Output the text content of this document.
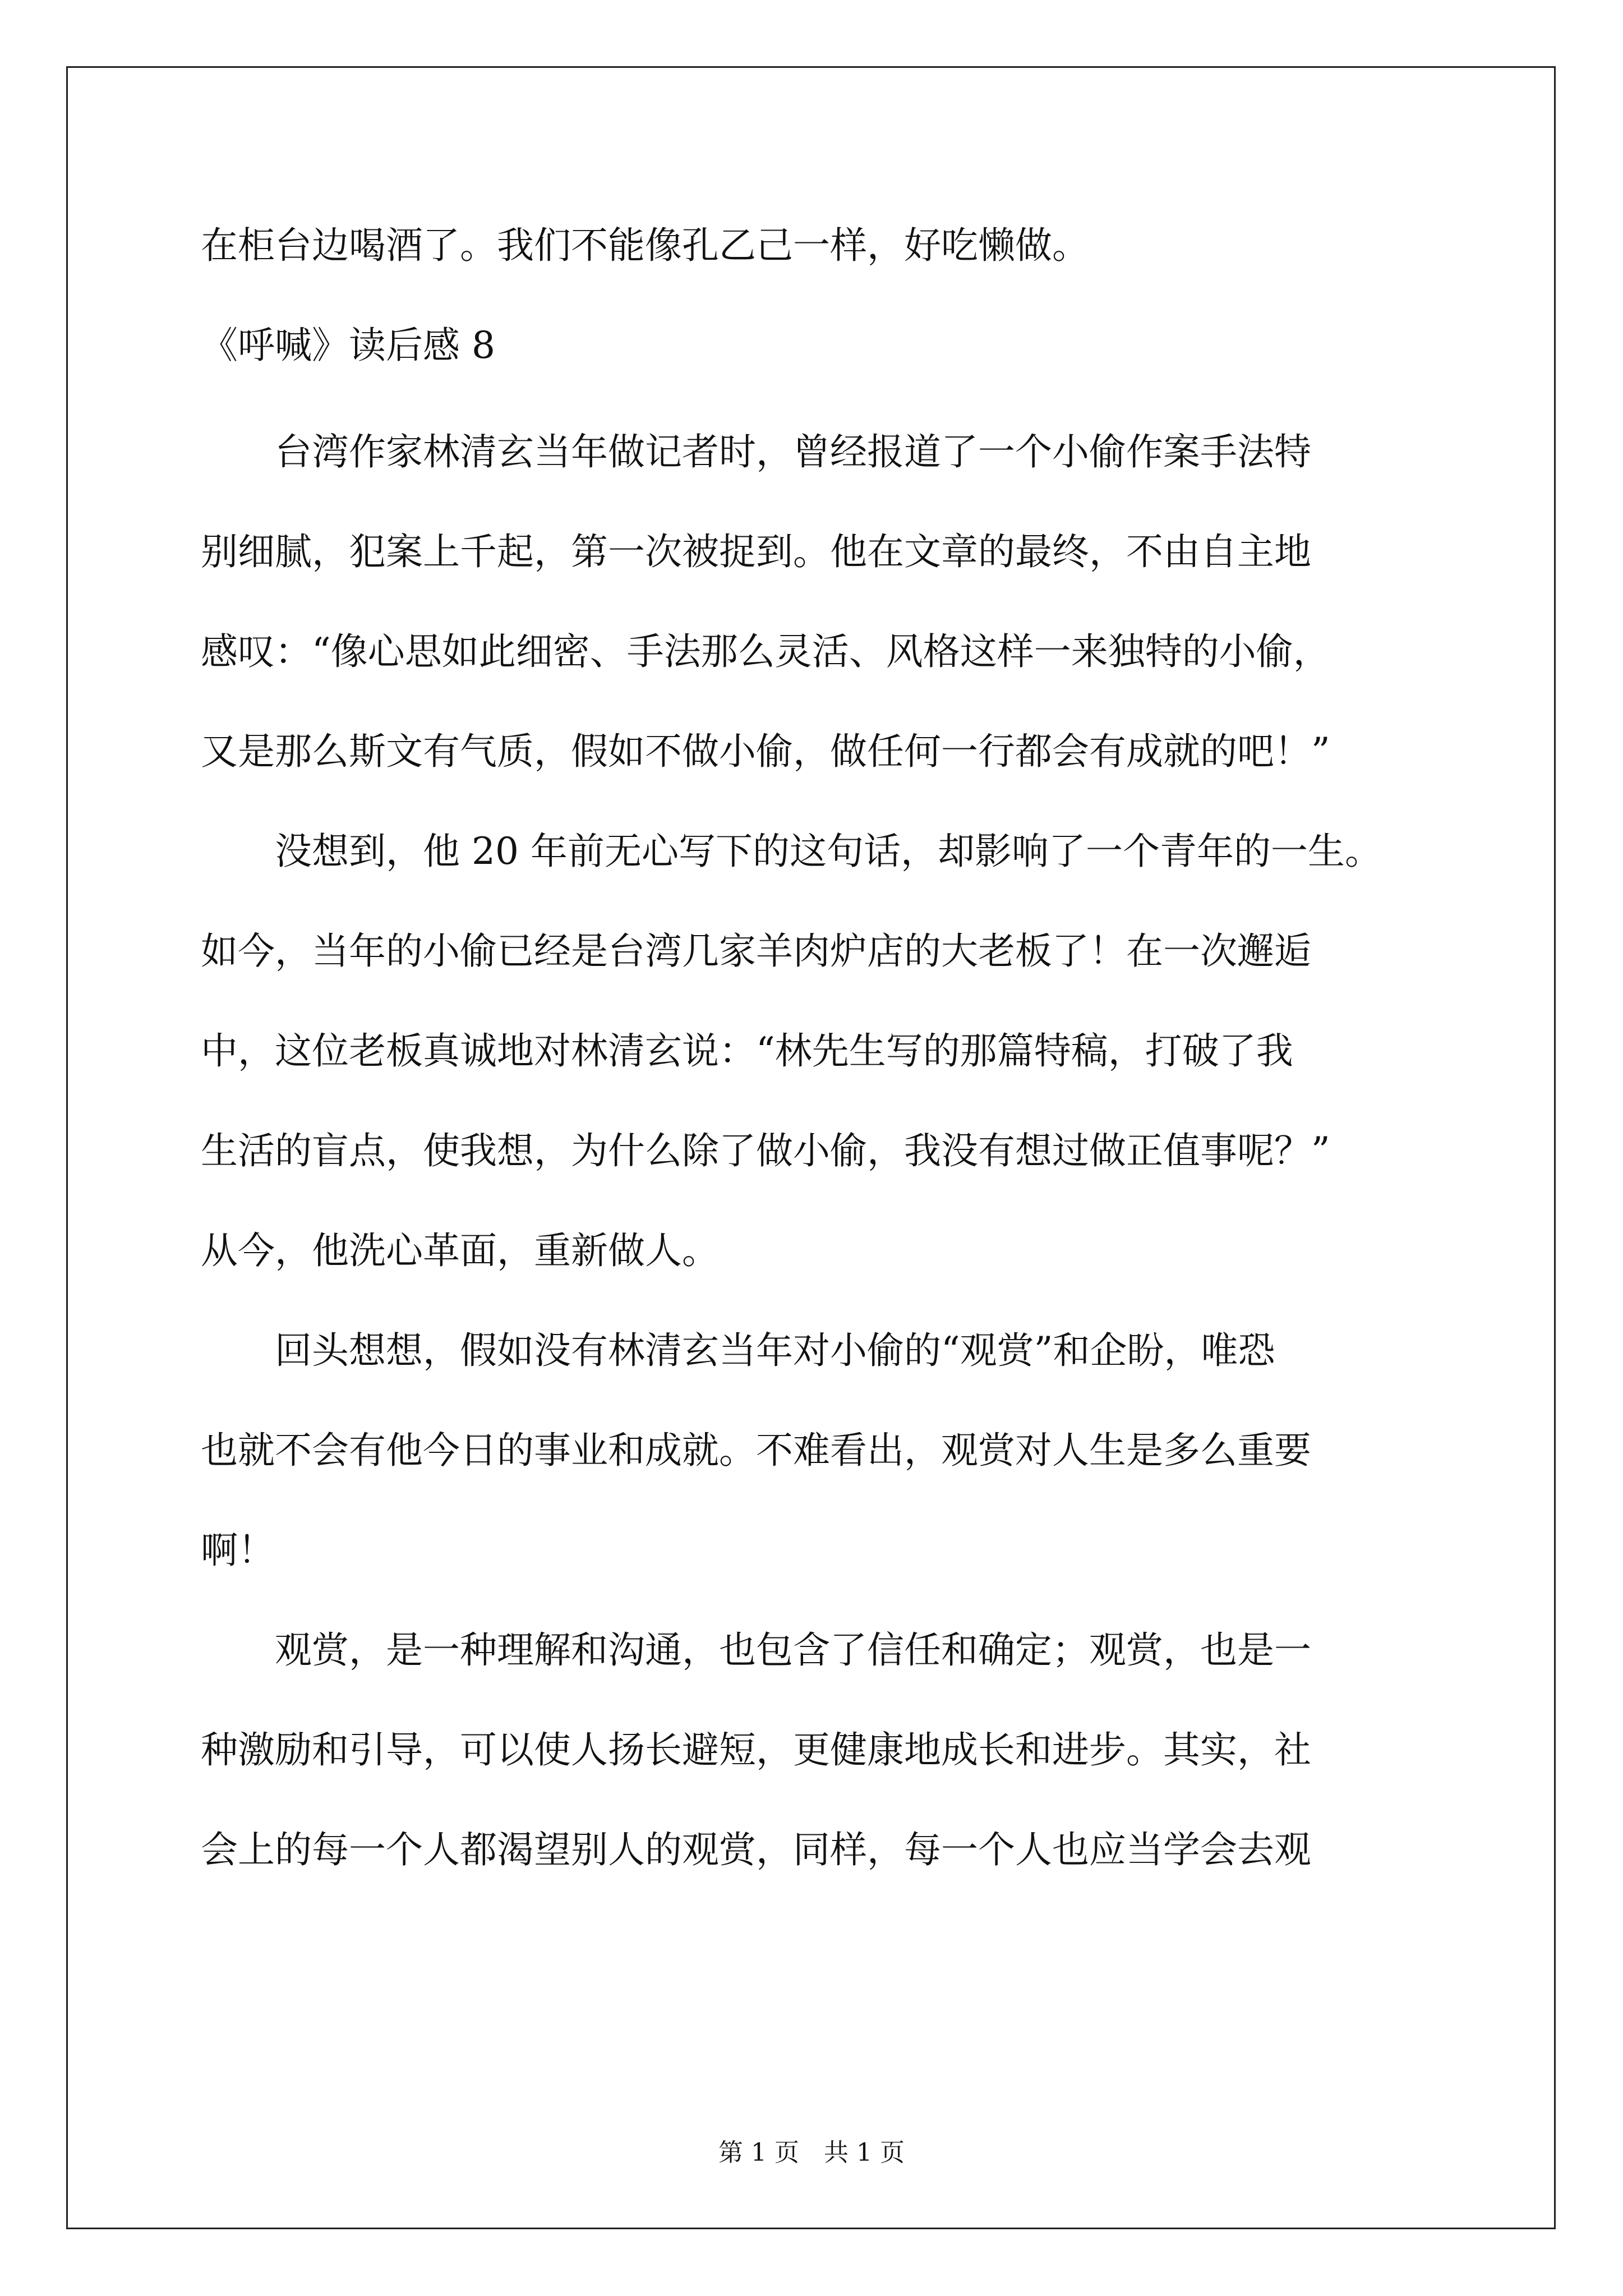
在柜台边喝酒了。我们不能像孔乙己一样，好吃懒做。

《呼喊》读后感 8

　　台湾作家林清玄当年做记者时，曾经报道了一个小偷作案手法特

别细腻，犯案上千起，第一次被捉到。他在文章的最终，不由自主地

感叹：“像心思如此细密、手法那么灵活、风格这样一来独特的小偷，

又是那么斯文有气质，假如不做小偷，做任何一行都会有成就的吧！”

　　没想到，他 20 年前无心写下的这句话，却影响了一个青年的一生。

如今，当年的小偷已经是台湾几家羊肉炉店的大老板了！在一次邂逅

中，这位老板真诚地对林清玄说：“林先生写的那篇特稿，打破了我

生活的盲点，使我想，为什么除了做小偷，我没有想过做正值事呢？”

从今，他洗心革面，重新做人。

　　回头想想，假如没有林清玄当年对小偷的“观赏”和企盼，唯恐

也就不会有他今日的事业和成就。不难看出，观赏对人生是多么重要

啊！

　　观赏，是一种理解和沟通，也包含了信任和确定；观赏，也是一

种激励和引导，可以使人扬长避短，更健康地成长和进步。其实，社

会上的每一个人都渴望别人的观赏，同样，每一个人也应当学会去观

第 1 页　共 1 页
